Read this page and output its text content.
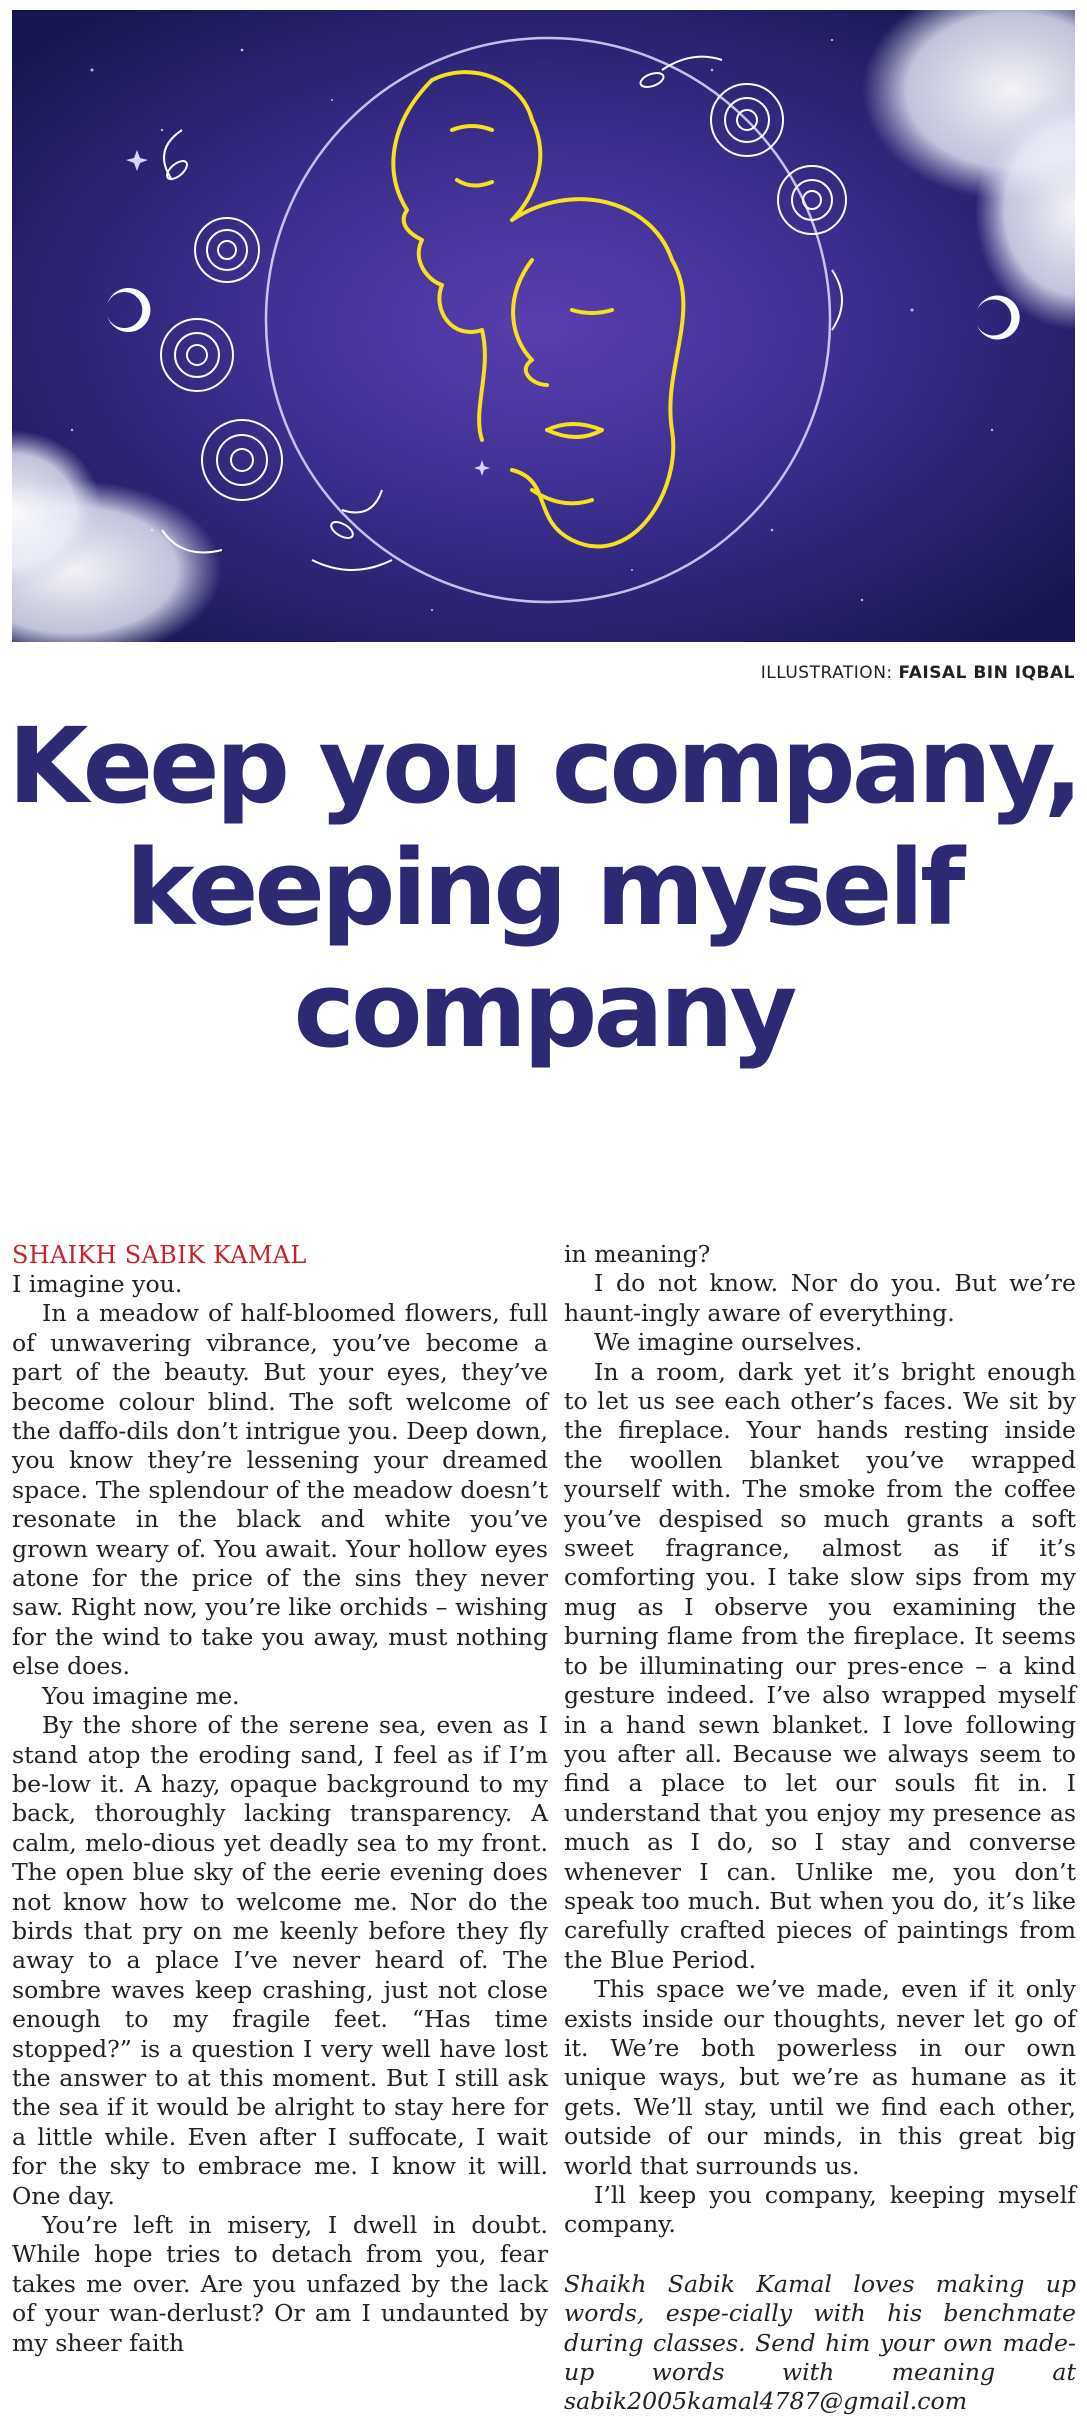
ILLUSTRATION: FAISAL BIN IQBAL
Keep you company,
keeping myself
company
SHAIKH SABIK KAMAL

I imagine you.

In a meadow of half-bloomed flowers, full of unwavering vibrance, you’ve become a part of the beauty. But your eyes, they’ve become colour blind. The soft welcome of the daffo-dils don’t intrigue you. Deep down, you know they’re lessening your dreamed space. The splendour of the meadow doesn’t resonate in the black and white you’ve grown weary of. You await. Your hollow eyes atone for the price of the sins they never saw. Right now, you’re like orchids – wishing for the wind to take you away, must nothing else does.

You imagine me.

By the shore of the serene sea, even as I stand atop the eroding sand, I feel as if I’m be-low it. A hazy, opaque background to my back, thoroughly lacking transparency. A calm, melo-dious yet deadly sea to my front. The open blue sky of the eerie evening does not know how to welcome me. Nor do the birds that pry on me keenly before they fly away to a place I’ve never heard of. The sombre waves keep crashing, just not close enough to my fragile feet. “Has time stopped?” is a question I very well have lost the answer to at this moment. But I still ask the sea if it would be alright to stay here for a little while. Even after I suffocate, I wait for the sky to embrace me. I know it will. One day.

You’re left in misery, I dwell in doubt. While hope tries to detach from you, fear takes me over. Are you unfazed by the lack of your wan-derlust? Or am I undaunted by my sheer faith

in meaning?

I do not know. Nor do you. But we’re haunt-ingly aware of everything.

We imagine ourselves.

In a room, dark yet it’s bright enough to let us see each other’s faces. We sit by the fireplace. Your hands resting inside the woollen blanket you’ve wrapped yourself with. The smoke from the coffee you’ve despised so much grants a soft sweet fragrance, almost as if it’s comforting you. I take slow sips from my mug as I observe you examining the burning flame from the fireplace. It seems to be illuminating our pres-ence – a kind gesture indeed. I’ve also wrapped myself in a hand sewn blanket. I love following you after all. Because we always seem to find a place to let our souls fit in. I understand that you enjoy my presence as much as I do, so I stay and converse whenever I can. Unlike me, you don’t speak too much. But when you do, it’s like carefully crafted pieces of paintings from the Blue Period.

This space we’ve made, even if it only exists inside our thoughts, never let go of it. We’re both powerless in our own unique ways, but we’re as humane as it gets. We’ll stay, until we find each other, outside of our minds, in this great big world that surrounds us.

I’ll keep you company, keeping myself company.

Shaikh Sabik Kamal loves making up words, espe-cially with his benchmate during classes. Send him your own made-up words with meaning at sabik2005kamal4787@gmail.com
